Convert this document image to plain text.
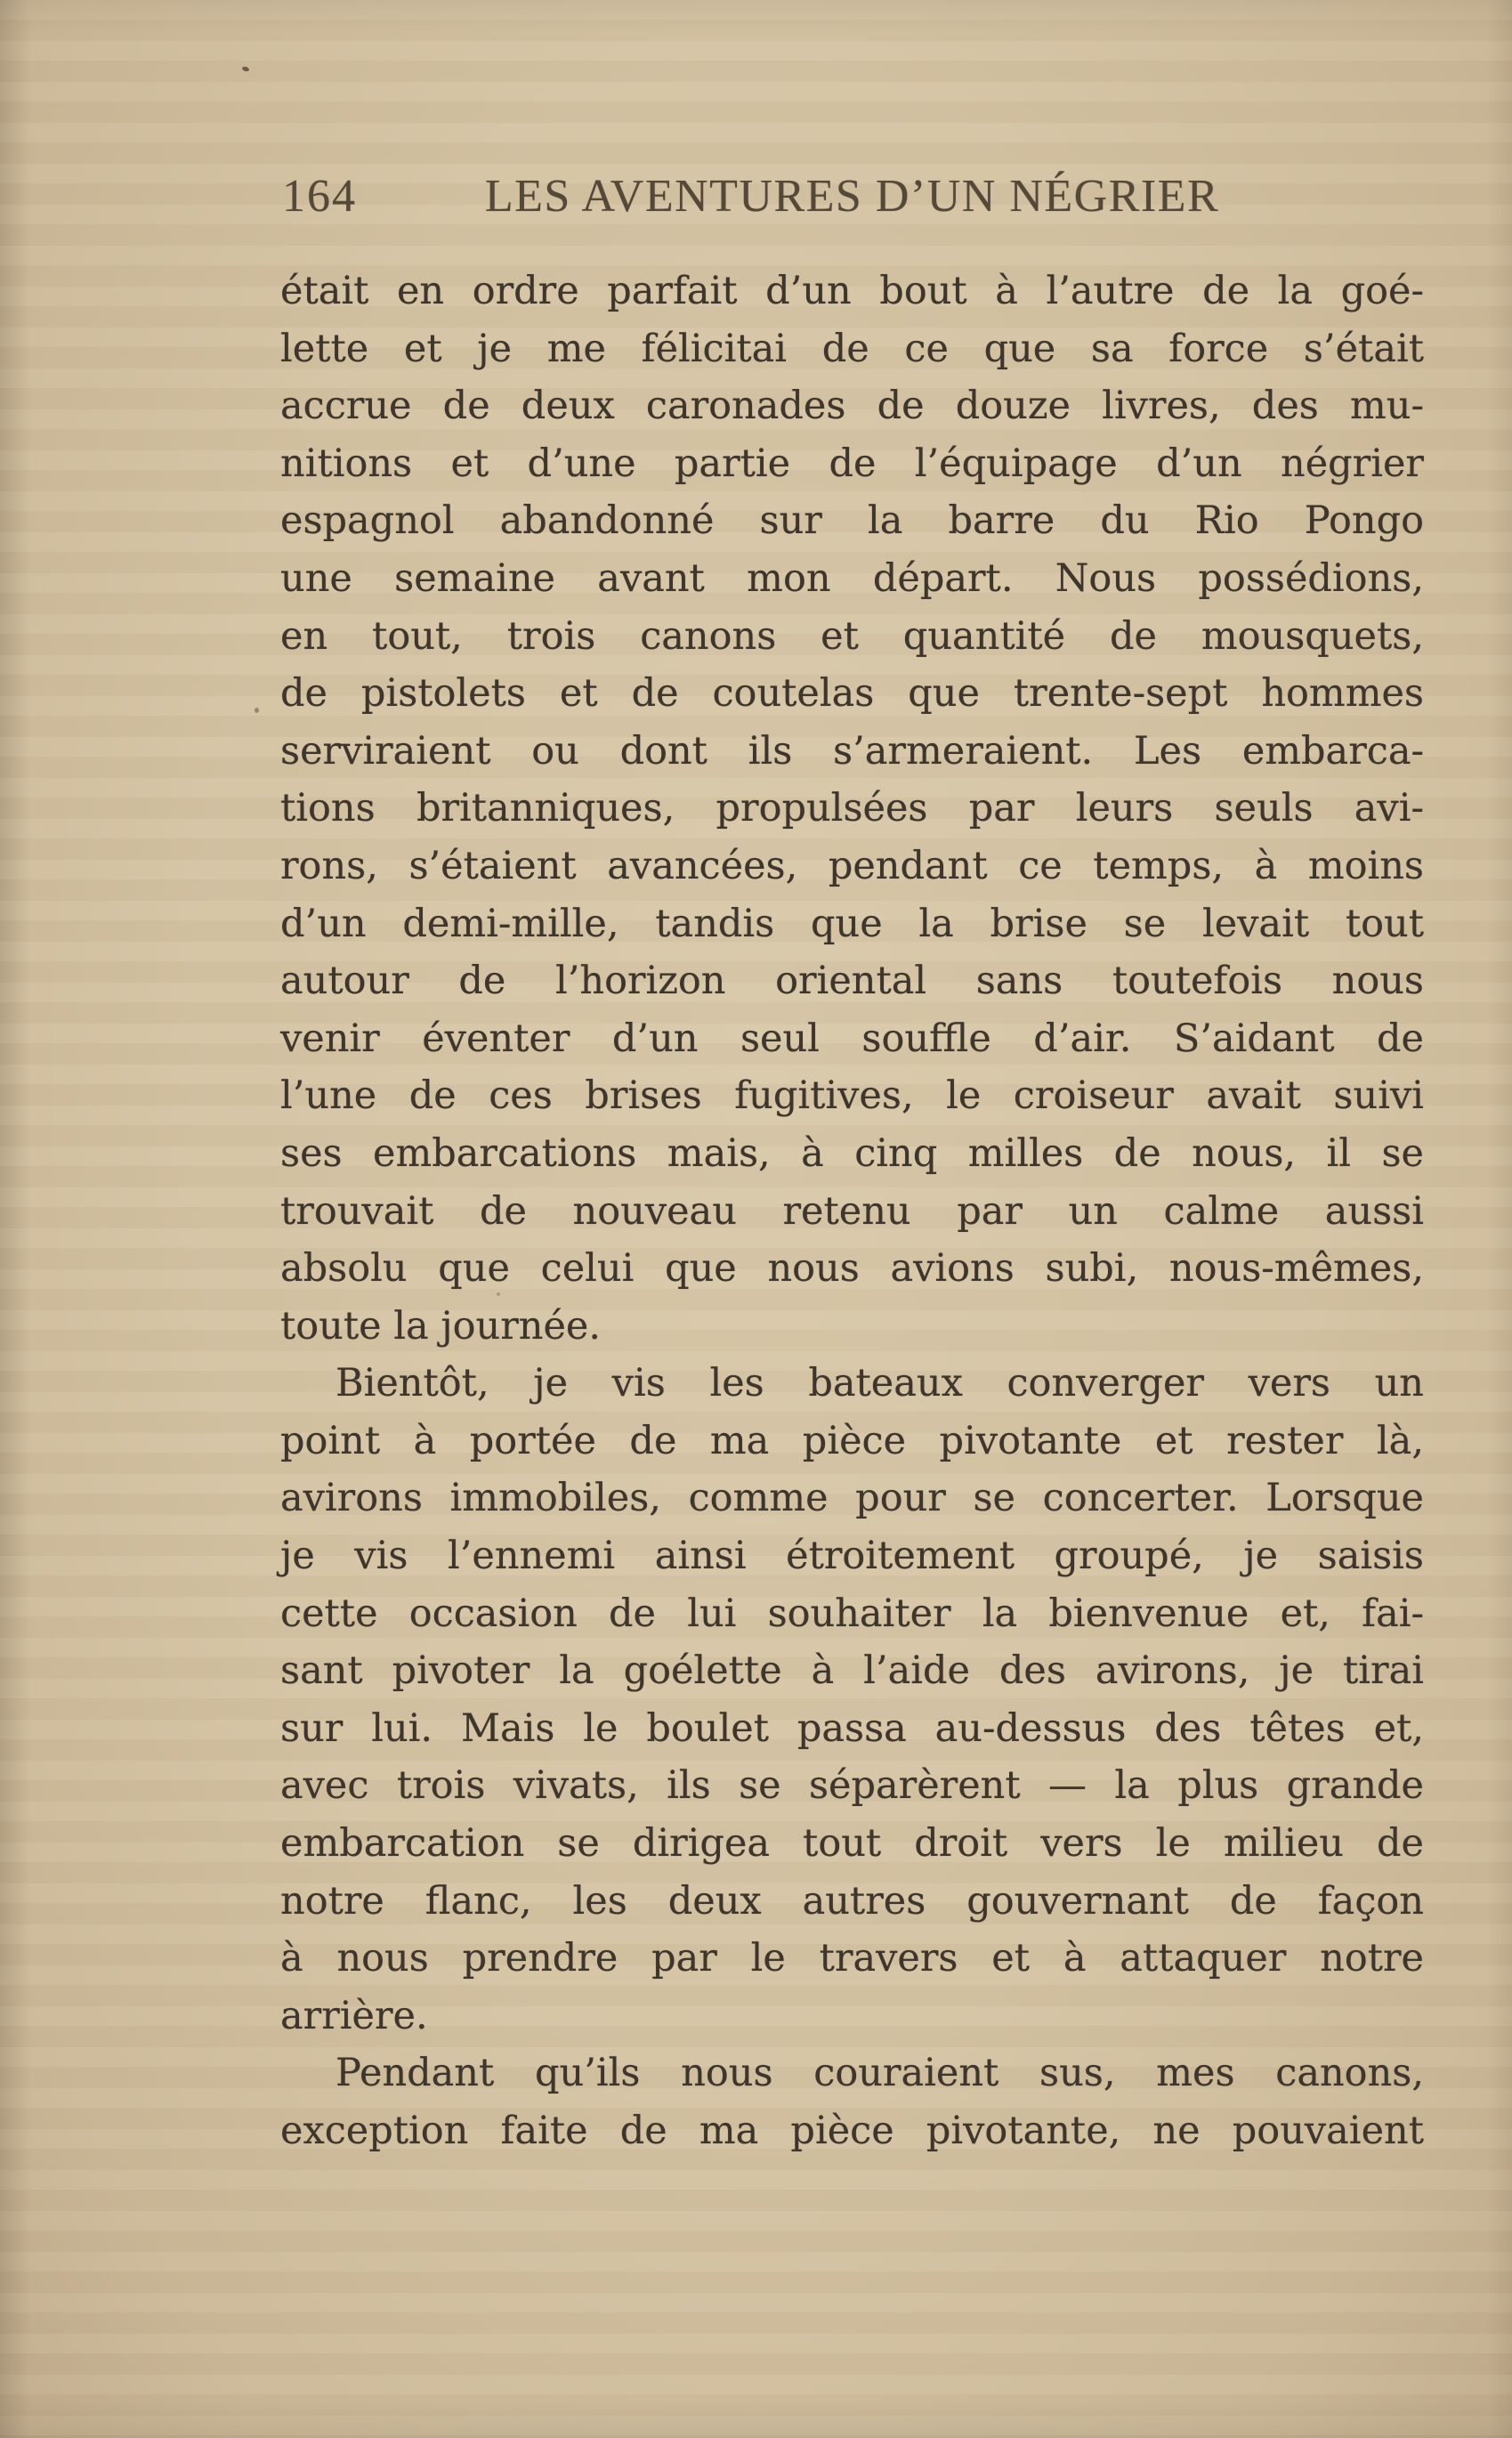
164	LES AVENTURES D’UN NÉGRIER
était en ordre parfait d’un bout à l’autre de la goé-
lette et je me félicitai de ce que sa force s’était
accrue de deux caronades de douze livres, des mu-
nitions et d’une partie de l’équipage d’un négrier
espagnol abandonné sur la barre du Rio Pongo
une semaine avant mon départ. Nous possédions,
en tout, trois canons et quantité de mousquets,
de pistolets et de coutelas que trente-sept hommes
serviraient ou dont ils s’armeraient. Les embarca-
tions britanniques, propulsées par leurs seuls avi-
rons, s’étaient avancées, pendant ce temps, à moins
d’un demi-mille, tandis que la brise se levait tout
autour de l’horizon oriental sans toutefois nous
venir éventer d’un seul souffle d’air. S’aidant de
l’une de ces brises fugitives, le croiseur avait suivi
ses embarcations mais, à cinq milles de nous, il se
trouvait de nouveau retenu par un calme aussi
absolu que celui que nous avions subi, nous-mêmes,
toute la journée.
Bientôt, je vis les bateaux converger vers un
point à portée de ma pièce pivotante et rester là,
avirons immobiles, comme pour se concerter. Lorsque
je vis l’ennemi ainsi étroitement groupé, je saisis
cette occasion de lui souhaiter la bienvenue et, fai-
sant pivoter la goélette à l’aide des avirons, je tirai
sur lui. Mais le boulet passa au-dessus des têtes et,
avec trois vivats, ils se séparèrent — la plus grande
embarcation se dirigea tout droit vers le milieu de
notre flanc, les deux autres gouvernant de façon
à nous prendre par le travers et à attaquer notre
arrière.
Pendant qu’ils nous couraient sus, mes canons,
exception faite de ma pièce pivotante, ne pouvaient
